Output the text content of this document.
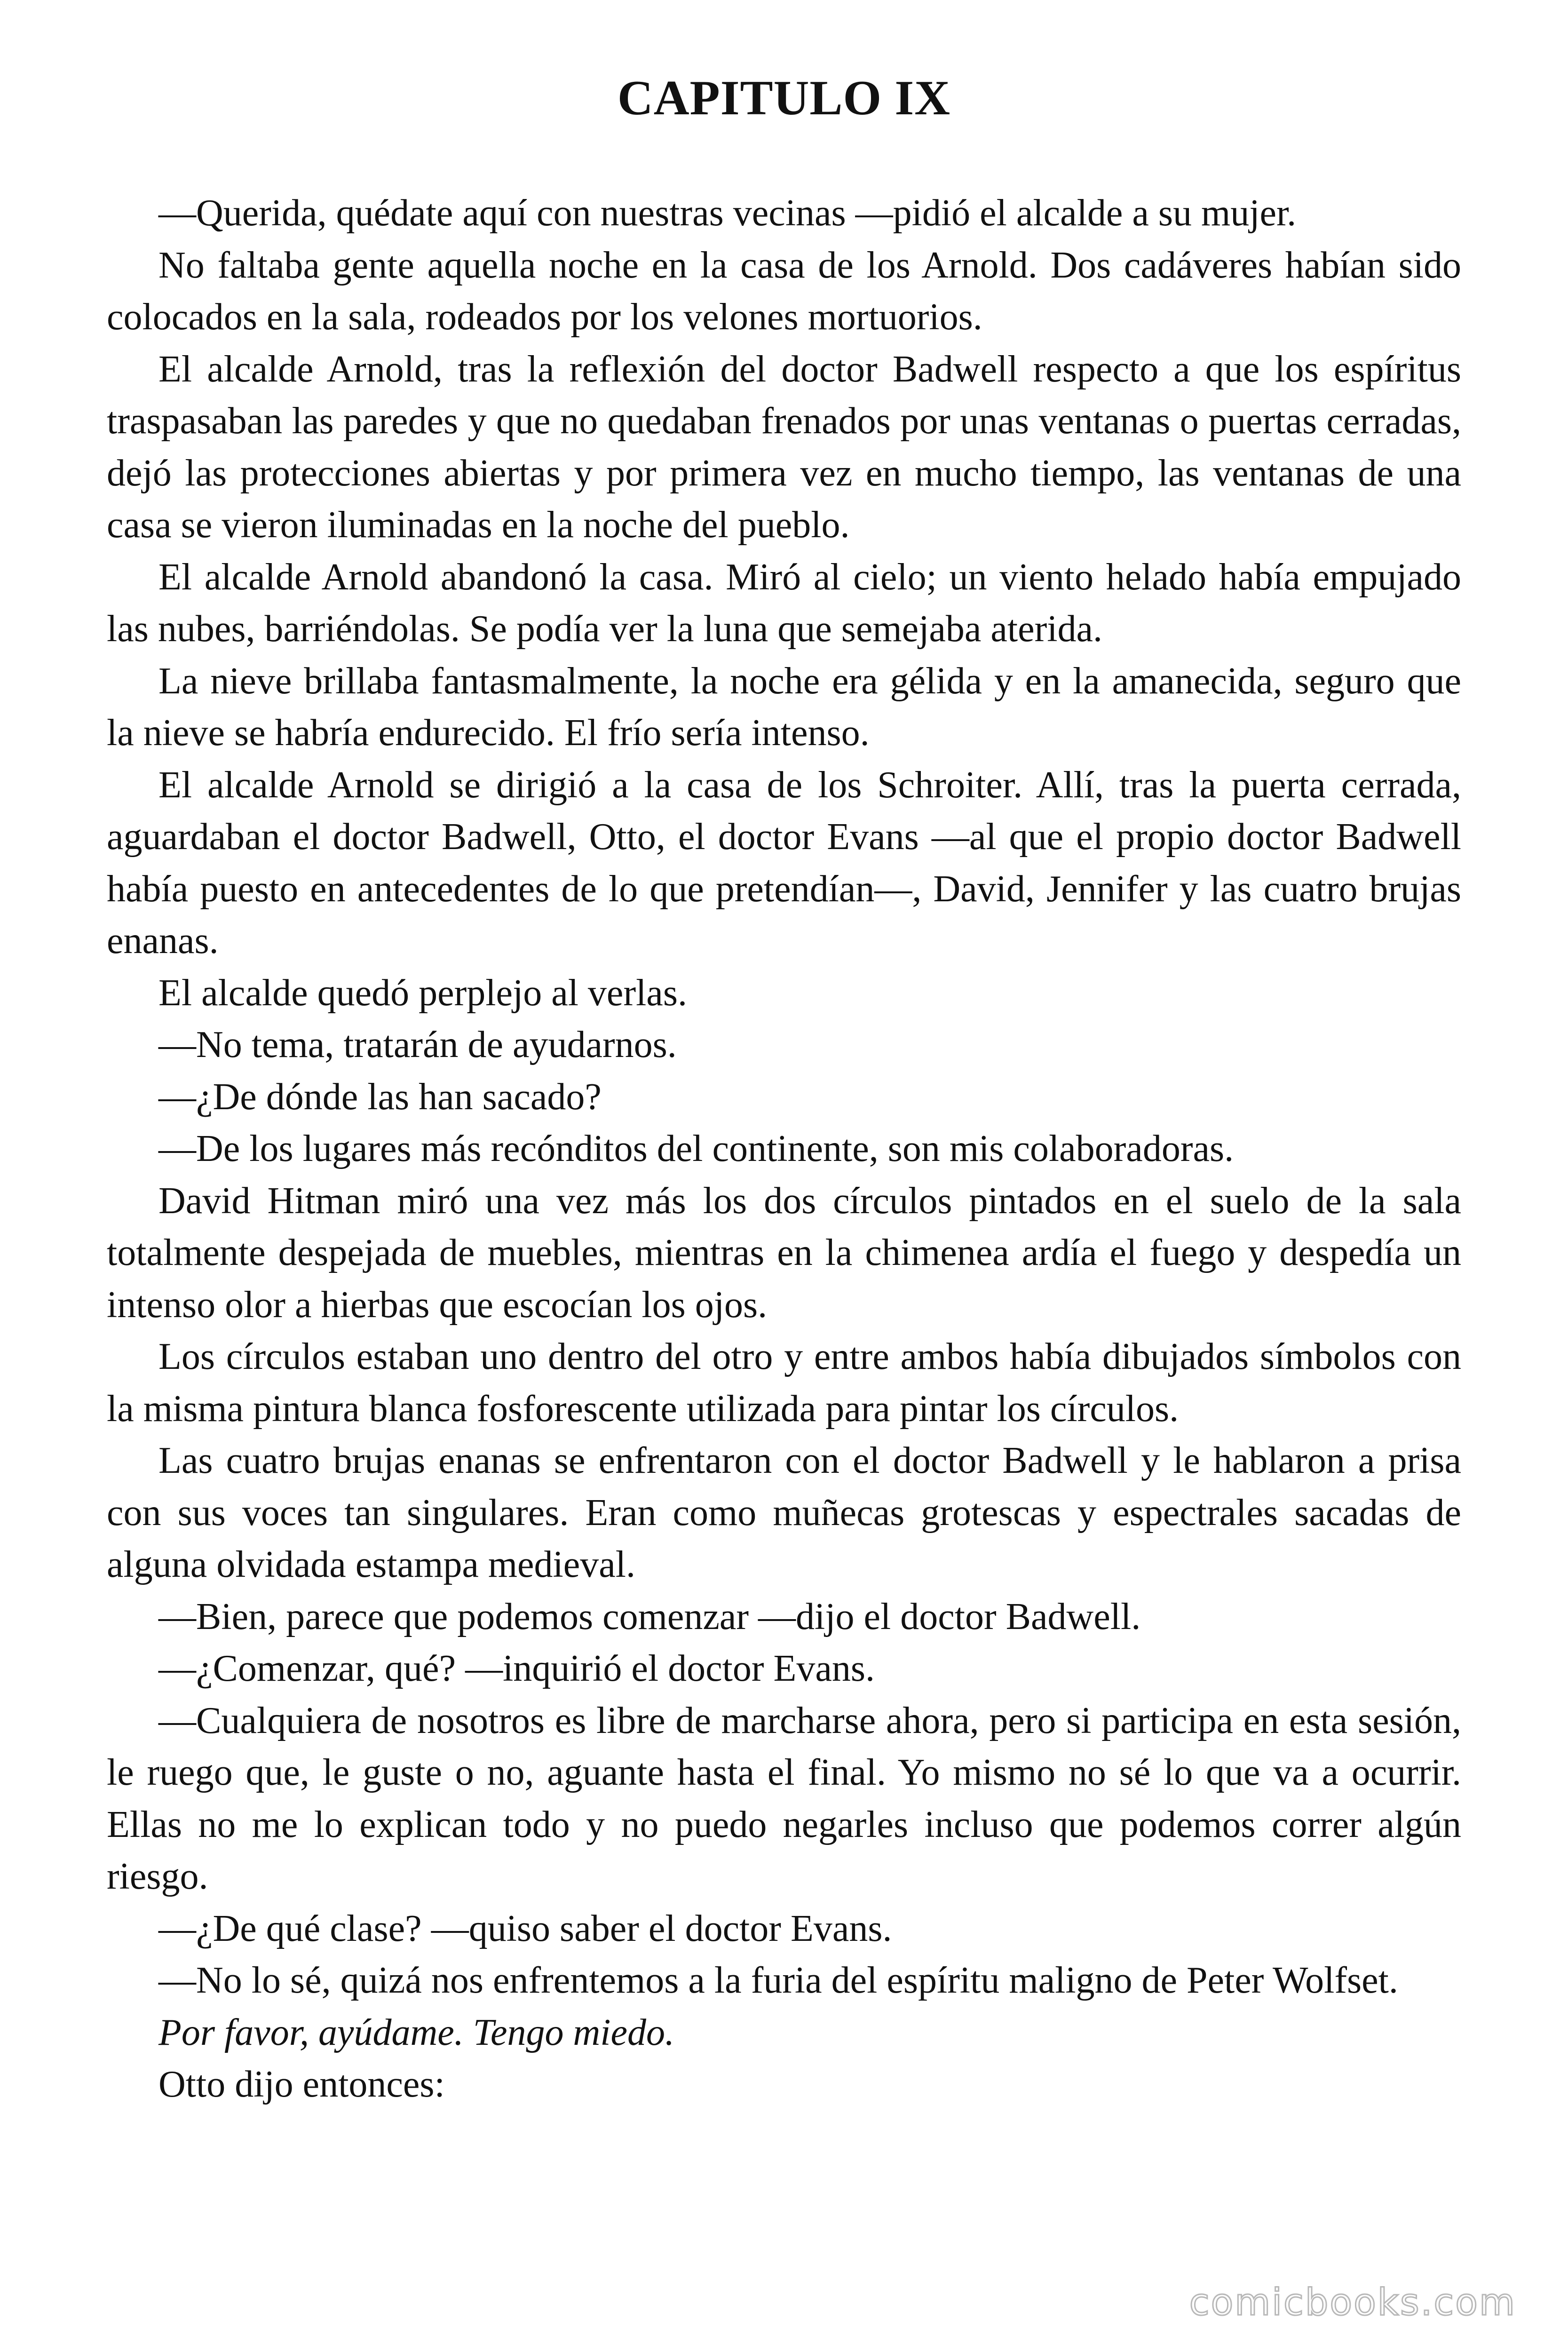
CAPITULO IX

—Querida, quédate aquí con nuestras vecinas —pidió el alcalde a su mujer.

No faltaba gente aquella noche en la casa de los Arnold. Dos cadáveres habían sido colocados en la sala, rodeados por los velones mortuorios.

El alcalde Arnold, tras la reflexión del doctor Badwell respecto a que los espíritus traspasaban las paredes y que no quedaban frenados por unas ventanas o puertas cerradas, dejó las protecciones abiertas y por primera vez en mucho tiempo, las ventanas de una casa se vieron iluminadas en la noche del pueblo.

El alcalde Arnold abandonó la casa. Miró al cielo; un viento helado había empujado las nubes, barriéndolas. Se podía ver la luna que semejaba aterida.

La nieve brillaba fantasmalmente, la noche era gélida y en la amanecida, seguro que la nieve se habría endurecido. El frío sería intenso.

El alcalde Arnold se dirigió a la casa de los Schroiter. Allí, tras la puerta cerrada, aguardaban el doctor Badwell, Otto, el doctor Evans —al que el propio doctor Badwell había puesto en antecedentes de lo que pretendían—, David, Jennifer y las cuatro brujas enanas.

El alcalde quedó perplejo al verlas.

—No tema, tratarán de ayudarnos.

—¿De dónde las han sacado?

—De los lugares más recónditos del continente, son mis colaboradoras.

David Hitman miró una vez más los dos círculos pintados en el suelo de la sala totalmente despejada de muebles, mientras en la chimenea ardía el fuego y despedía un intenso olor a hierbas que escocían los ojos.

Los círculos estaban uno dentro del otro y entre ambos había dibujados símbolos con la misma pintura blanca fosforescente utilizada para pintar los círculos.

Las cuatro brujas enanas se enfrentaron con el doctor Badwell y le hablaron a prisa con sus voces tan singulares. Eran como muñecas grotescas y espectrales sacadas de alguna olvidada estampa medieval.

—Bien, parece que podemos comenzar —dijo el doctor Badwell.

—¿Comenzar, qué? —inquirió el doctor Evans.

—Cualquiera de nosotros es libre de marcharse ahora, pero si participa en esta sesión, le ruego que, le guste o no, aguante hasta el final. Yo mismo no sé lo que va a ocurrir. Ellas no me lo explican todo y no puedo negarles incluso que podemos correr algún riesgo.

—¿De qué clase? —quiso saber el doctor Evans.

—No lo sé, quizá nos enfrentemos a la furia del espíritu maligno de Peter Wolfset.

Por favor, ayúdame. Tengo miedo.

Otto dijo entonces:

comicbooks.com
